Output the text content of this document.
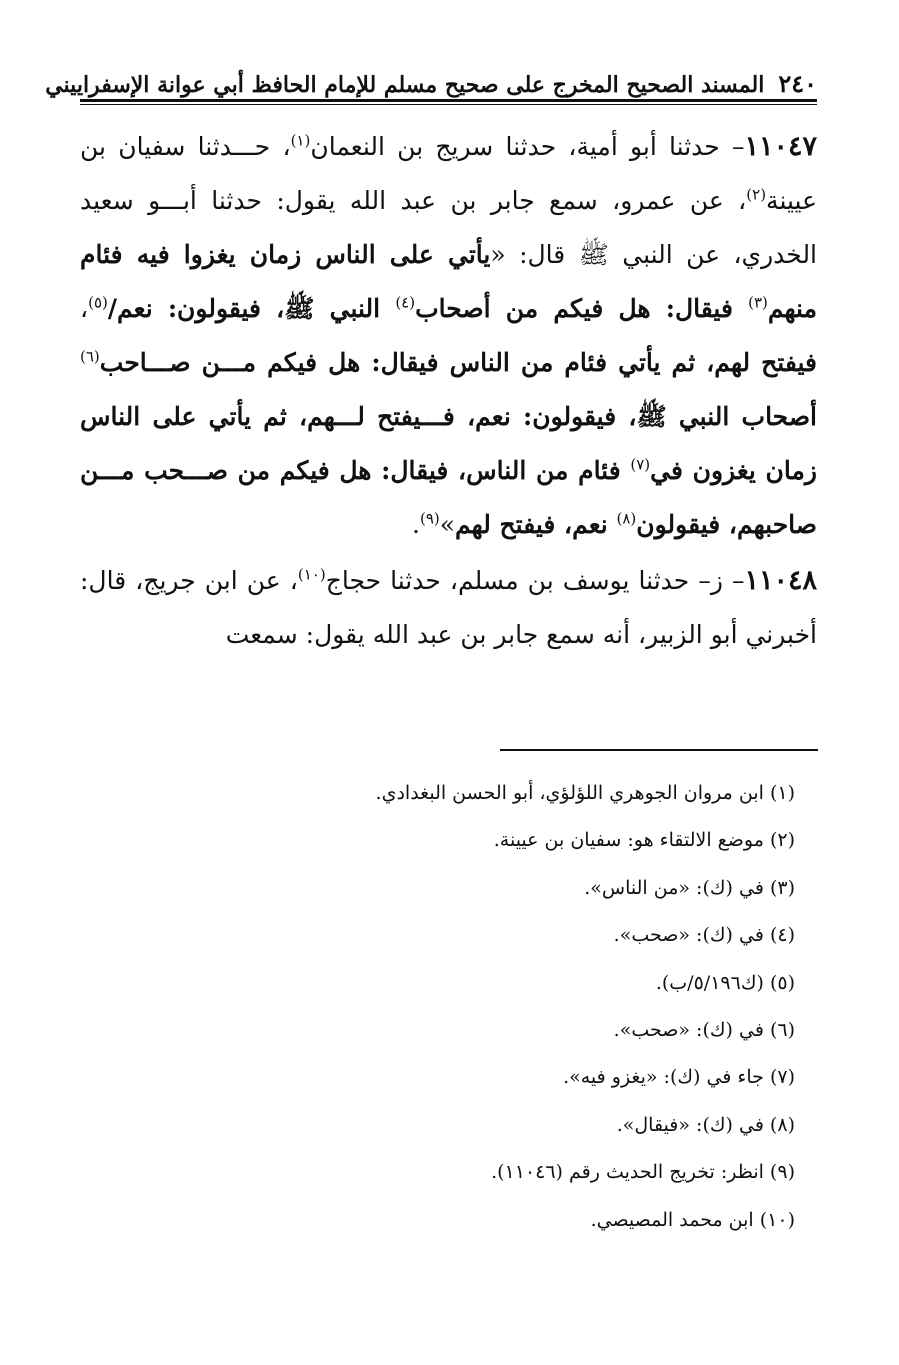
٢٤٠
المسند الصحيح المخرج على صحيح مسلم للإمام الحافظ أبي عوانة الإسفراييني

١١٠٤٧– حدثنا أبو أمية، حدثنا سريج بن النعمان$^{(١)}$، حـــدثنا سفيان بن عيينة$^{(٢)}$، عن عمرو، سمع جابر بن عبد الله يقول: حدثنا أبـــو سعيد الخدري، عن النبي ﷺ قال: «يأتي على الناس زمان يغزوا فيه فئام منهم$^{(٣)}$ فيقال: هل فيكم من أصحاب$^{(٤)}$ النبي ﷺ، فيقولون: نعم/$^{(٥)}$، فيفتح لهم، ثم يأتي فئام من الناس فيقال: هل فيكم مـــن صـــاحب$^{(٦)}$ أصحاب النبي ﷺ، فيقولون: نعم، فـــيفتح لـــهم، ثم يأتي على الناس زمان يغزون في$^{(٧)}$ فئام من الناس، فيقال: هل فيكم من صـــحب مـــن صاحبهم، فيقولون$^{(٨)}$ نعم، فيفتح لهم»$^{(٩)}$.

١١٠٤٨– ز– حدثنا يوسف بن مسلم، حدثنا حجاج$^{(١٠)}$، عن ابن جريج، قال: أخبرني أبو الزبير، أنه سمع جابر بن عبد الله يقول: سمعت

(١) ابن مروان الجوهري اللؤلؤي، أبو الحسن البغدادي.
(٢) موضع الالتقاء هو: سفيان بن عيينة.
(٣) في (ك): «من الناس».
(٤) في (ك): «صحب».
(٥) (ك٥/١٩٦/ب).
(٦) في (ك): «صحب».
(٧) جاء في (ك): «يغزو فيه».
(٨) في (ك): «فيقال».
(٩) انظر: تخريج الحديث رقم (١١٠٤٦).
(١٠) ابن محمد المصيصي.
